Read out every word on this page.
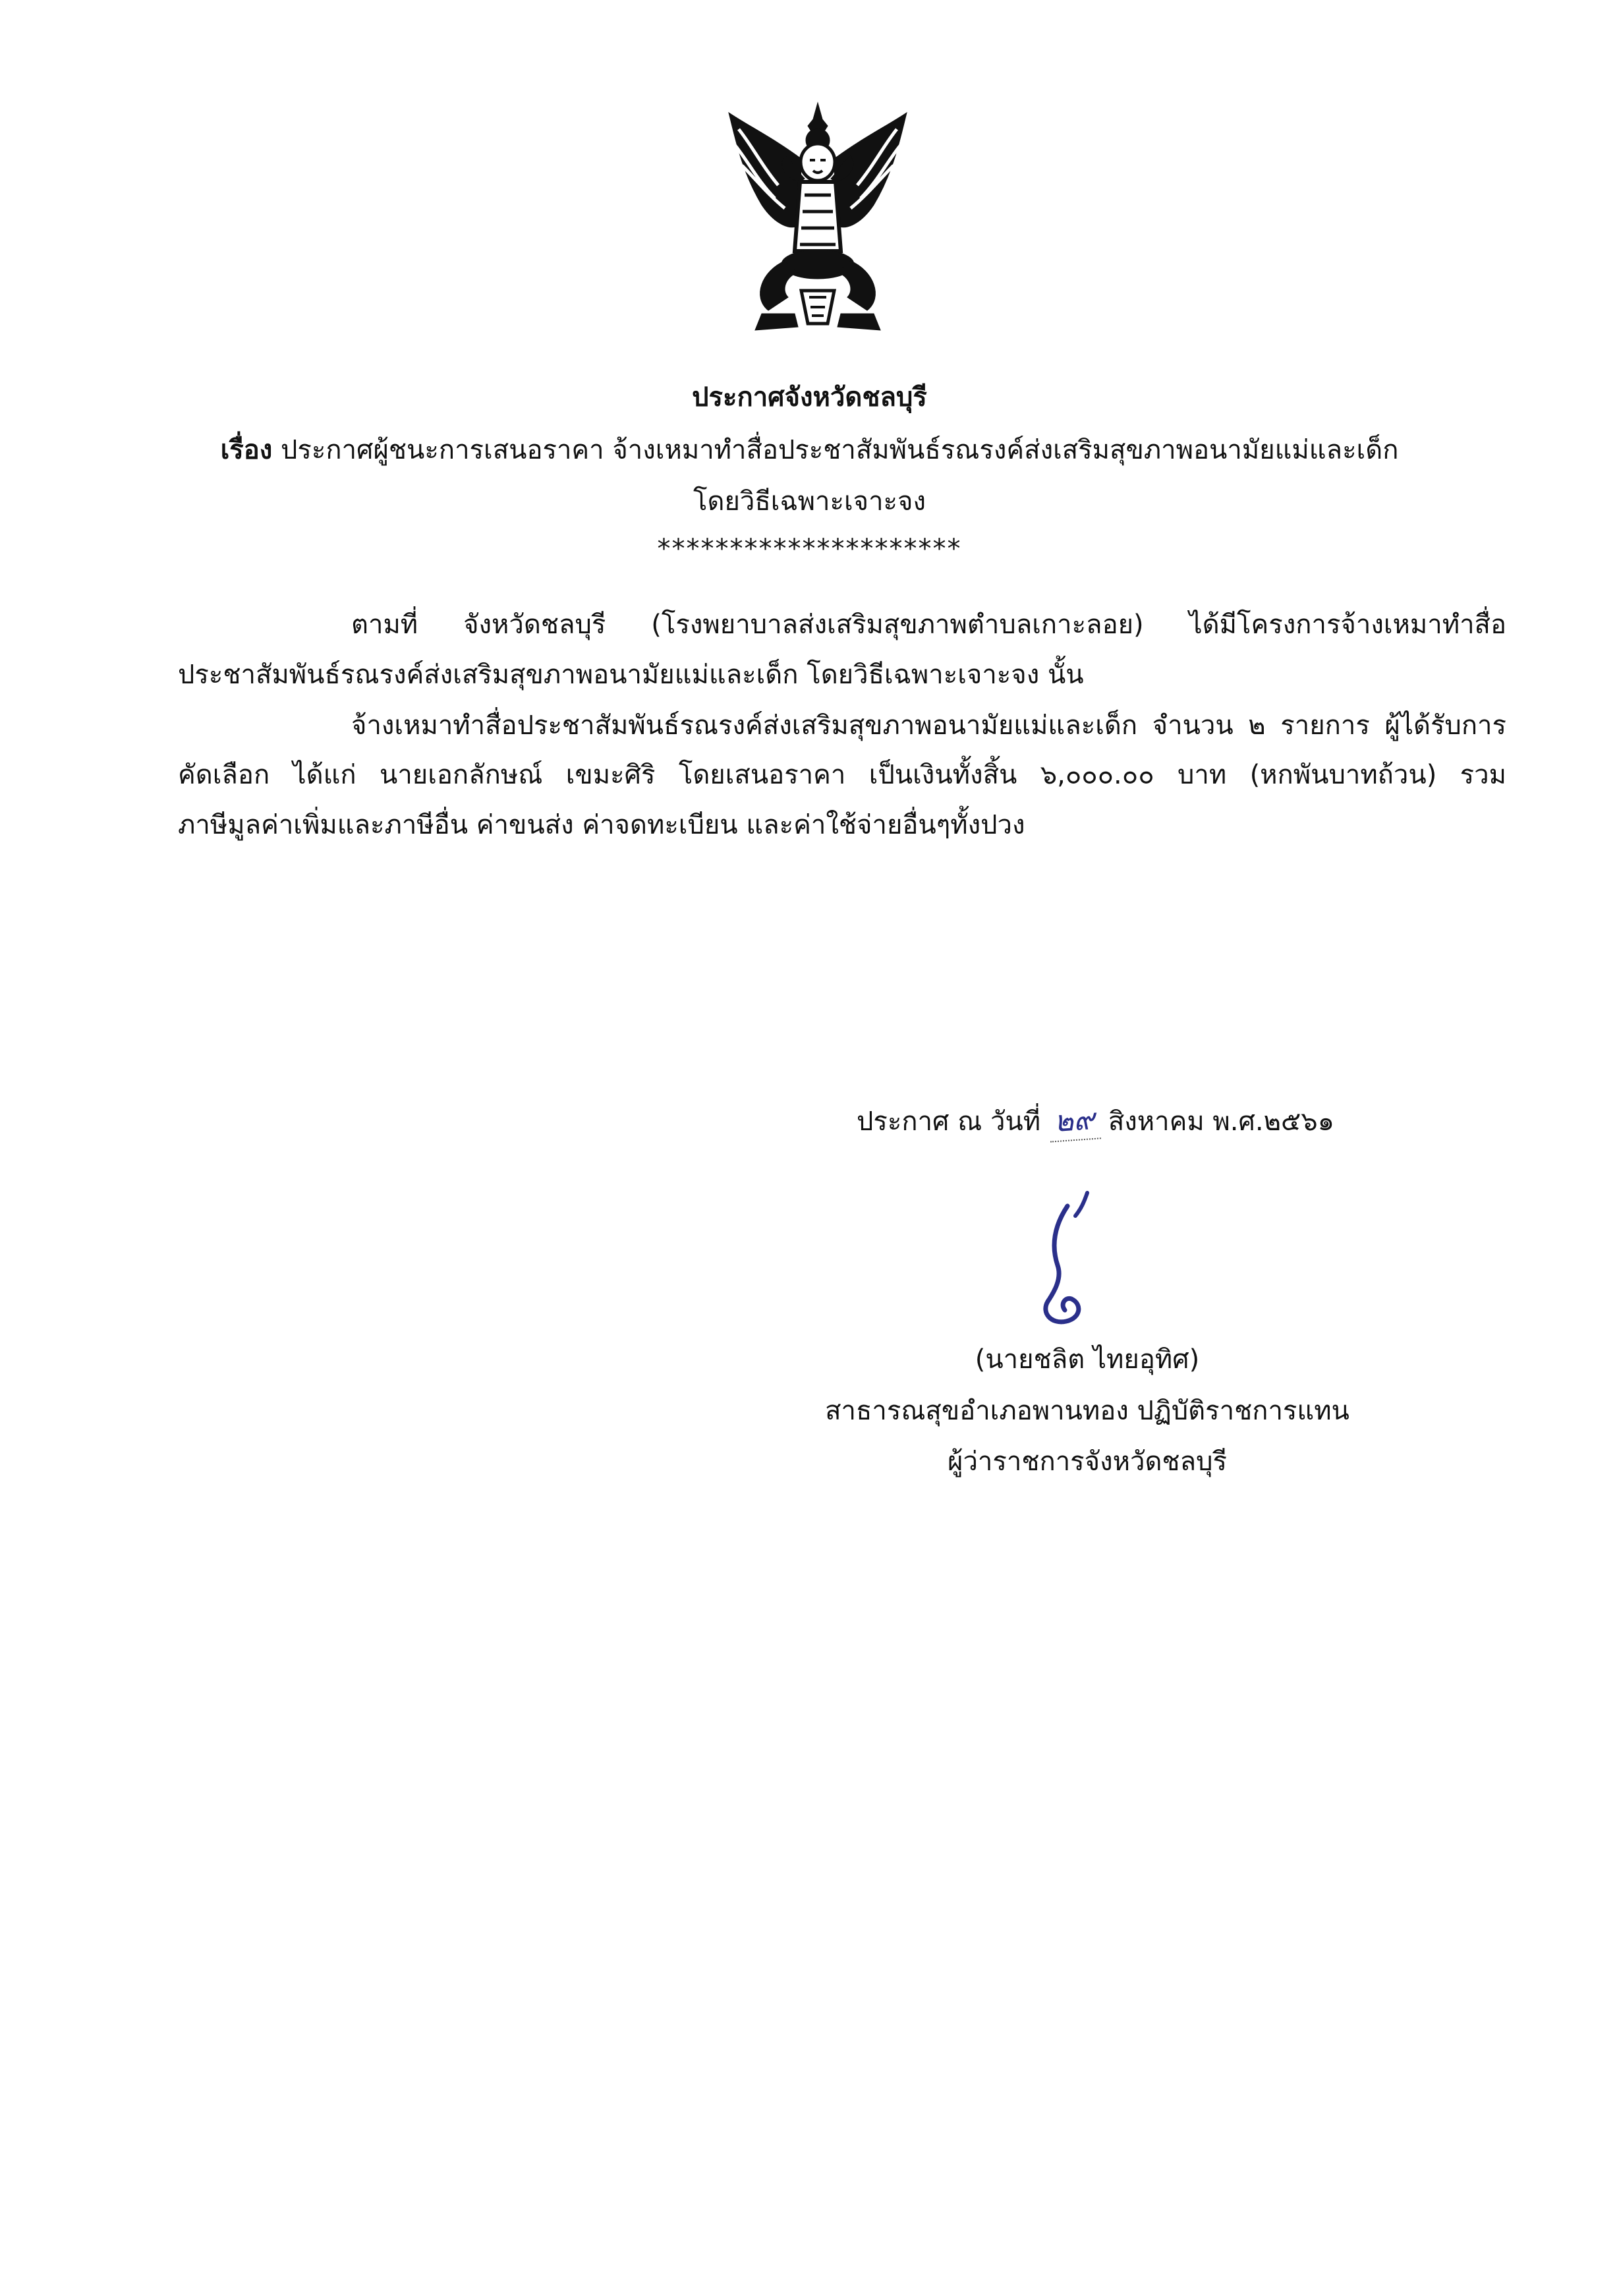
ประกาศจังหวัดชลบุรี
เรื่อง ประกาศผู้ชนะการเสนอราคา จ้างเหมาทำสื่อประชาสัมพันธ์รณรงค์ส่งเสริมสุขภาพอนามัยแม่และเด็ก
โดยวิธีเฉพาะเจาะจง
*********************
ตามที่ จังหวัดชลบุรี (โรงพยาบาลส่งเสริมสุขภาพตำบลเกาะลอย) ได้มีโครงการจ้างเหมาทำสื่อ
ประชาสัมพันธ์รณรงค์ส่งเสริมสุขภาพอนามัยแม่และเด็ก โดยวิธีเฉพาะเจาะจง นั้น
จ้างเหมาทำสื่อประชาสัมพันธ์รณรงค์ส่งเสริมสุขภาพอนามัยแม่และเด็ก จำนวน ๒ รายการ ผู้ได้รับการ
คัดเลือก ได้แก่ นายเอกลักษณ์ เขมะศิริ โดยเสนอราคา เป็นเงินทั้งสิ้น ๖,๐๐๐.๐๐ บาท (หกพันบาทถ้วน) รวม
ภาษีมูลค่าเพิ่มและภาษีอื่น ค่าขนส่ง ค่าจดทะเบียน และค่าใช้จ่ายอื่นๆทั้งปวง
ประกาศ ณ วันที่ ๒๙ สิงหาคม พ.ศ.๒๕๖๑
(นายชลิต ไทยอุทิศ)
สาธารณสุขอำเภอพานทอง ปฏิบัติราชการแทน
ผู้ว่าราชการจังหวัดชลบุรี
